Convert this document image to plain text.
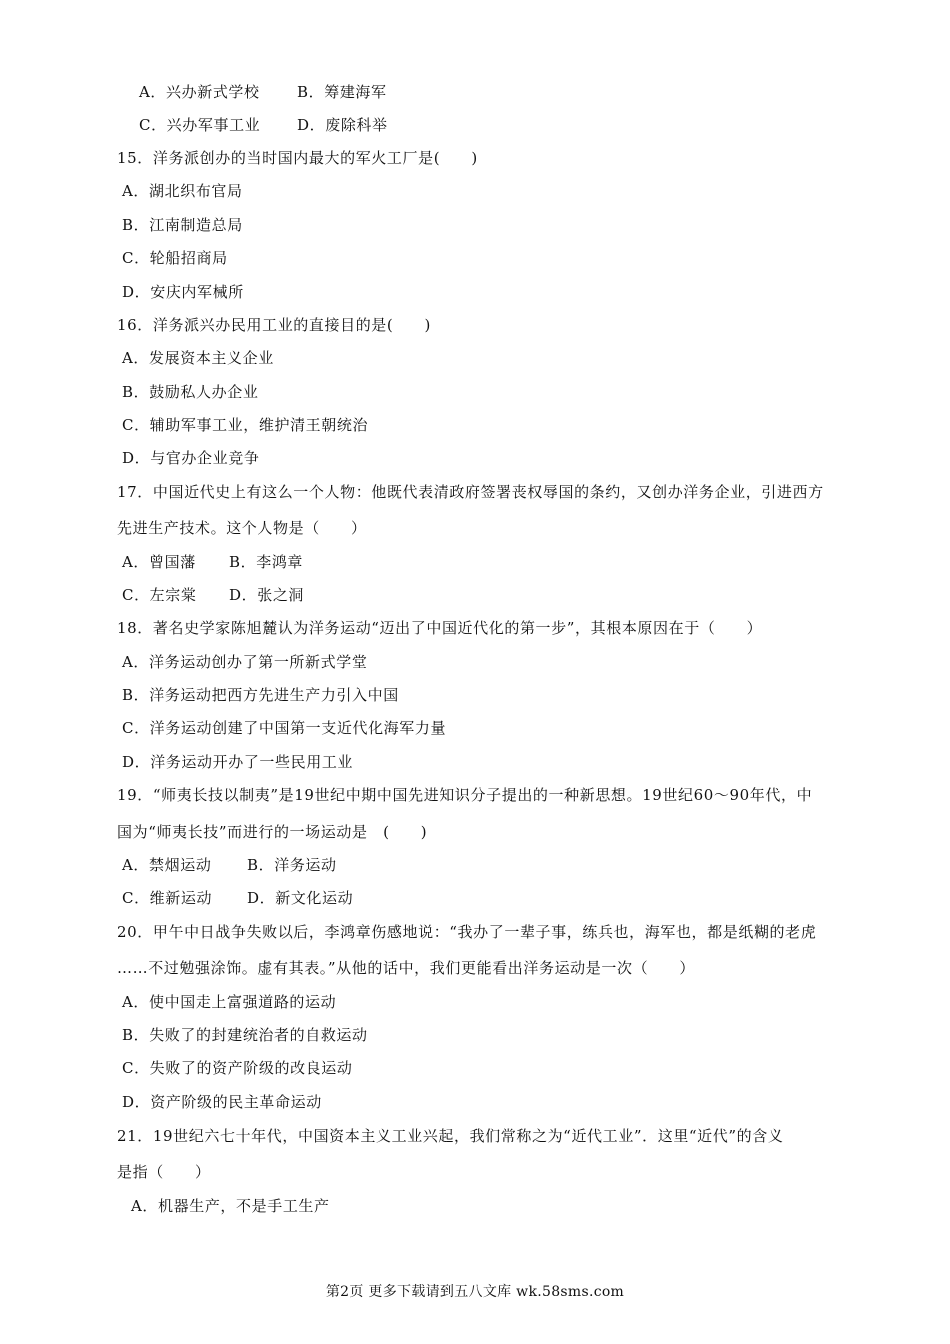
A．兴办新式学校 B．筹建海军
C．兴办军事工业 D．废除科举
15．洋务派创办的当时国内最大的军火工厂是(　　)
A．湖北织布官局
B．江南制造总局
C．轮船招商局
D．安庆内军械所
16．洋务派兴办民用工业的直接目的是(　　)
A．发展资本主义企业
B．鼓励私人办企业
C．辅助军事工业，维护清王朝统治
D．与官办企业竞争
17．中国近代史上有这么一个人物：他既代表清政府签署丧权辱国的条约，又创办洋务企业，引进西方
先进生产技术。这个人物是（　　）
A．曾国藩 B．李鸿章
C．左宗棠 D．张之洞
18．著名史学家陈旭麓认为洋务运动“迈出了中国近代化的第一步”，其根本原因在于（　　）
A．洋务运动创办了第一所新式学堂
B．洋务运动把西方先进生产力引入中国
C．洋务运动创建了中国第一支近代化海军力量
D．洋务运动开办了一些民用工业
19．“师夷长技以制夷”是19世纪中期中国先进知识分子提出的一种新思想。19世纪60～90年代，中
国为“师夷长技”而进行的一场运动是　(　　)
A．禁烟运动 B．洋务运动
C．维新运动 D．新文化运动
20．甲午中日战争失败以后，李鸿章伤感地说：“我办了一辈子事，练兵也，海军也，都是纸糊的老虎
……不过勉强涂饰。虚有其表。”从他的话中，我们更能看出洋务运动是一次（　　）
A．使中国走上富强道路的运动
B．失败了的封建统治者的自救运动
C．失败了的资产阶级的改良运动
D．资产阶级的民主革命运动
21．19世纪六七十年代，中国资本主义工业兴起，我们常称之为“近代工业”．这里“近代”的含义
是指（　　）
A．机器生产，不是手工生产
第2页 更多下载请到五八文库 wk.58sms.com
